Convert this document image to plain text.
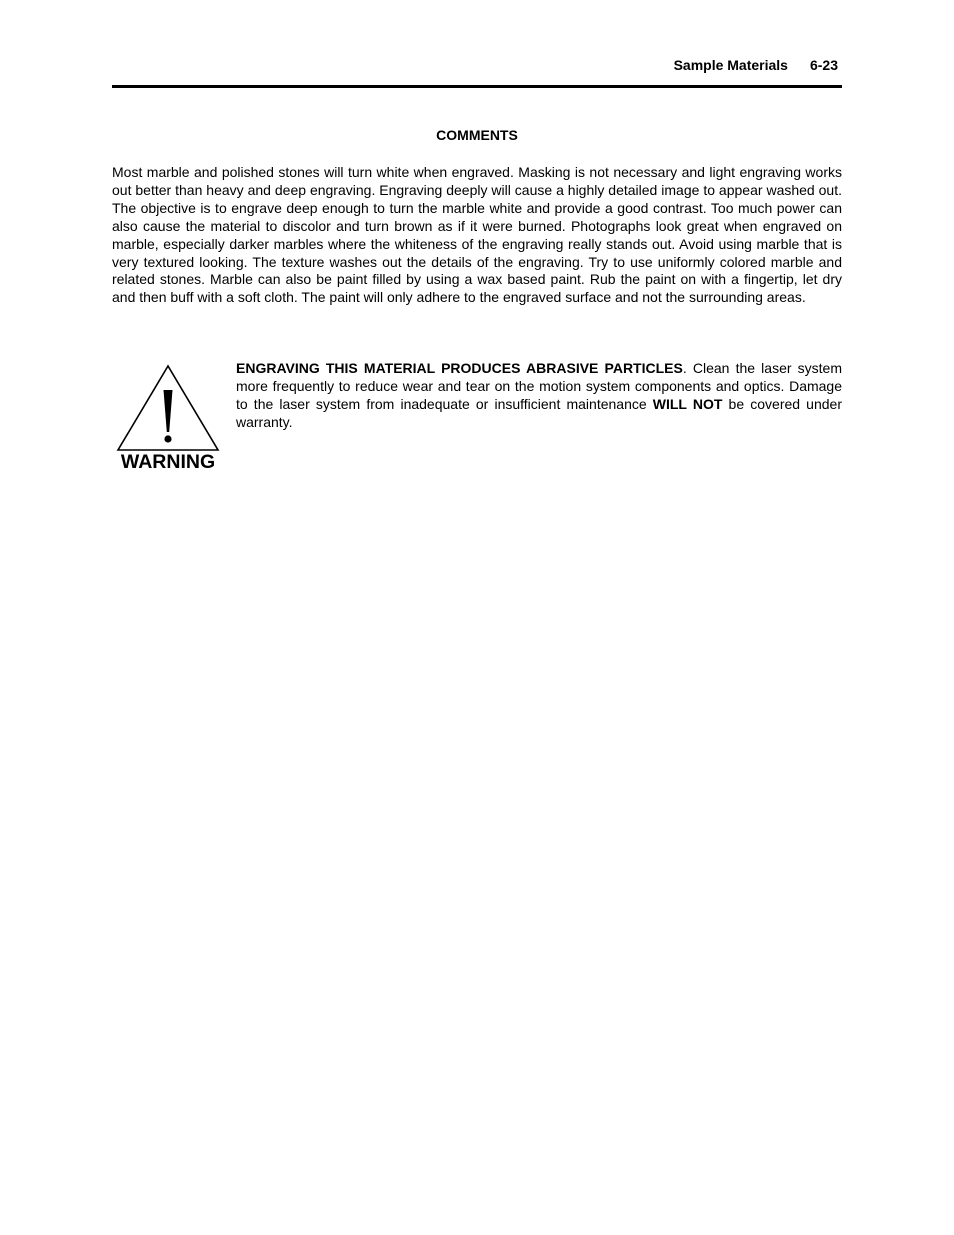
Sample Materials 6-23
COMMENTS

Most marble and polished stones will turn white when engraved. Masking is not necessary and light engraving works out better than heavy and deep engraving. Engraving deeply will cause a highly detailed image to appear washed out. The objective is to engrave deep enough to turn the marble white and provide a good contrast. Too much power can also cause the material to discolor and turn brown as if it were burned. Photographs look great when engraved on marble, especially darker marbles where the whiteness of the engraving really stands out. Avoid using marble that is very textured looking. The texture washes out the details of the engraving. Try to use uniformly colored marble and related stones. Marble can also be paint filled by using a wax based paint. Rub the paint on with a fingertip, let dry and then buff with a soft cloth. The paint will only adhere to the engraved surface and not the surrounding areas.

WARNING

ENGRAVING THIS MATERIAL PRODUCES ABRASIVE PARTICLES. Clean the laser system more frequently to reduce wear and tear on the motion system components and optics. Damage to the laser system from inadequate or insufficient maintenance WILL NOT be covered under warranty.
